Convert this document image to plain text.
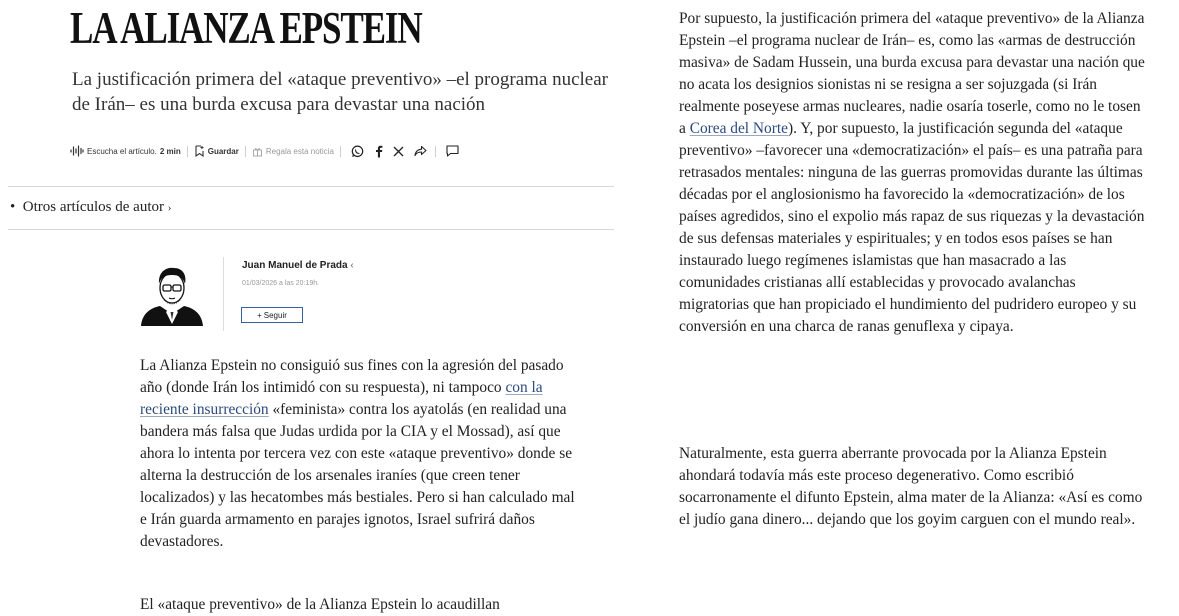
LA ALIANZA EPSTEIN

La justificación primera del «ataque preventivo» –el programa nuclear de Irán– es una burda excusa para devastar una nación

Escucha el artículo. 2 min	Guardar	Regala esta noticia
• Otros artículos de autor ›
Juan Manuel de Prada ‹
01/03/2026 a las 20:19h.
+ Seguir

La Alianza Epstein no consiguió sus fines con la agresión del pasado año (donde Irán los intimidó con su respuesta), ni tampoco con la reciente insurrección «feminista» contra los ayatolás (en realidad una bandera más falsa que Judas urdida por la CIA y el Mossad), así que ahora lo intenta por tercera vez con este «ataque preventivo» donde se alterna la destrucción de los arsenales iraníes (que creen tener localizados) y las hecatombes más bestiales. Pero si han calculado mal e Irán guarda armamento en parajes ignotos, Israel sufrirá daños devastadores.

El «ataque preventivo» de la Alianza Epstein lo acaudillan

Por supuesto, la justificación primera del «ataque preventivo» de la Alianza Epstein –el programa nuclear de Irán– es, como las «armas de destrucción masiva» de Sadam Hussein, una burda excusa para devastar una nación que no acata los designios sionistas ni se resigna a ser sojuzgada (si Irán realmente poseyese armas nucleares, nadie osaría toserle, como no le tosen a Corea del Norte). Y, por supuesto, la justificación segunda del «ataque preventivo» –favorecer una «democratización» el país– es una patraña para retrasados mentales: ninguna de las guerras promovidas durante las últimas décadas por el anglosionismo ha favorecido la «democratización» de los países agredidos, sino el expolio más rapaz de sus riquezas y la devastación de sus defensas materiales y espirituales; y en todos esos países se han instaurado luego regímenes islamistas que han masacrado a las comunidades cristianas allí establecidas y provocado avalanchas migratorias que han propiciado el hundimiento del pudridero europeo y su conversión en una charca de ranas genuflexa y cipaya.

Naturalmente, esta guerra aberrante provocada por la Alianza Epstein ahondará todavía más este proceso degenerativo. Como escribió socarronamente el difunto Epstein, alma mater de la Alianza: «Así es como el judío gana dinero... dejando que los goyim carguen con el mundo real».
